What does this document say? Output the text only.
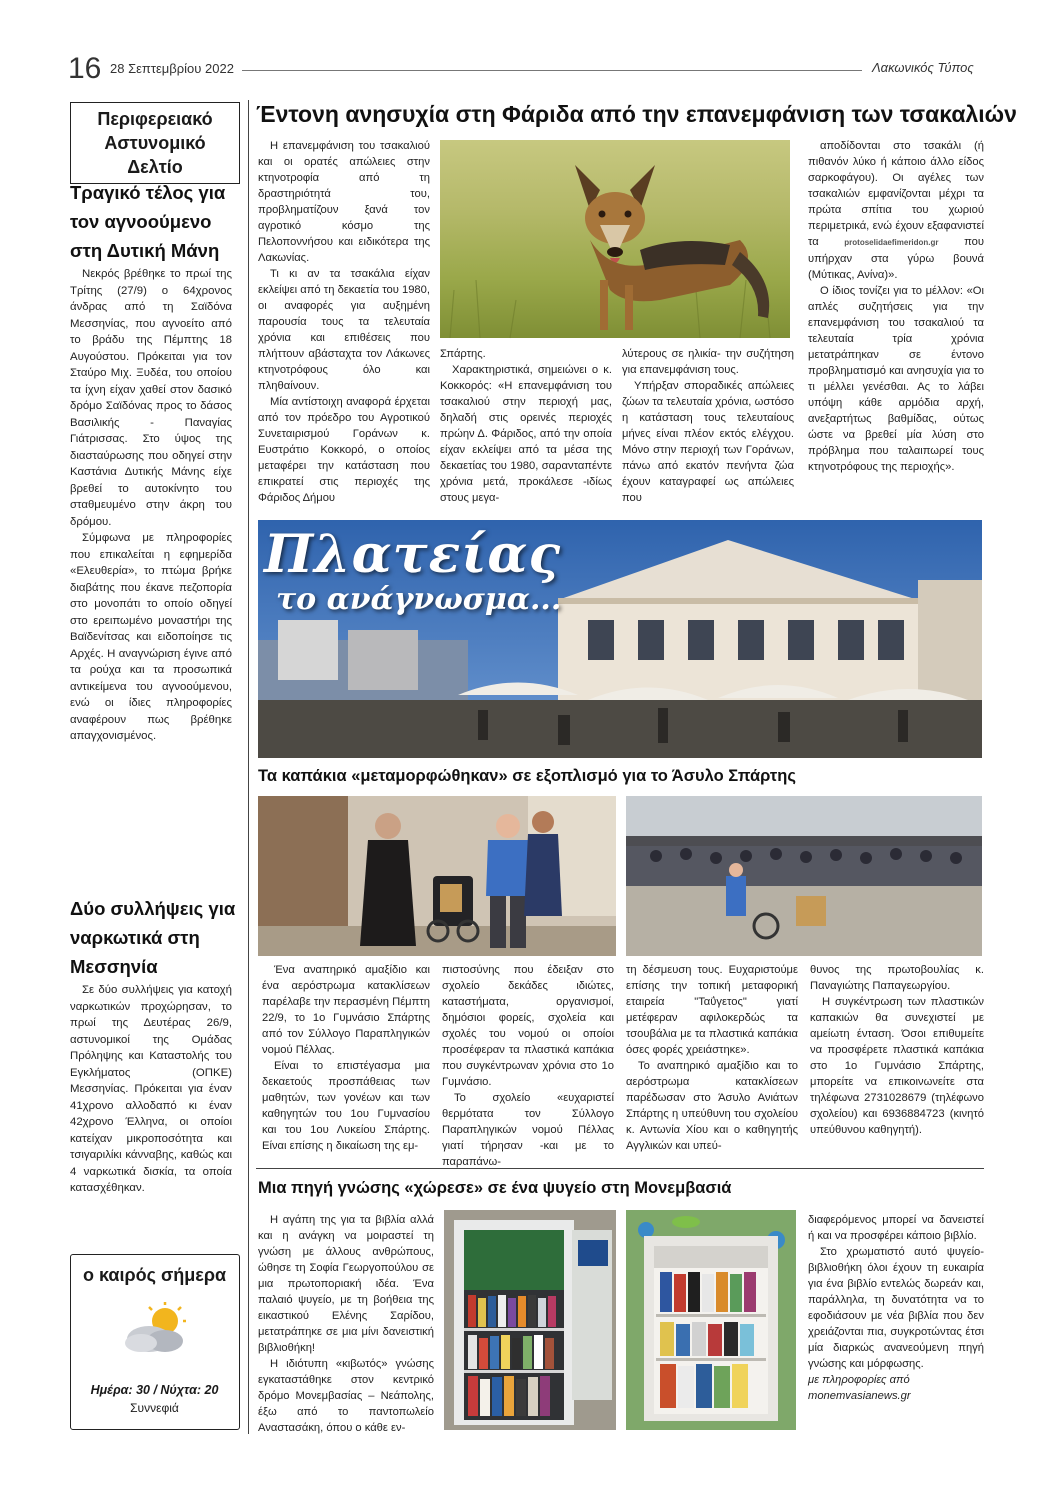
16 28 Σεπτεμβρίου 2022	Λακωνικός Τύπος
Περιφερειακό
Αστυνομικό Δελτίο
Τραγικό τέλος για τον αγνοούμενο στη Δυτική Μάνη

Νεκρός βρέθηκε το πρωί της Τρίτης (27/9) ο 64χρονος άνδρας από τη Σαϊδόνα Μεσσηνίας, που αγνοείτο από το βράδυ της Πέμπτης 18 Αυγούστου. Πρόκειται για τον Σταύρο Μιχ. Ξυδέα, του οποίου τα ίχνη είχαν χαθεί στον δασικό δρόμο Σαϊδόνας προς το δάσος Βασιλικής - Παναγίας Γιάτρισσας. Στο ύψος της διασταύρωσης που οδηγεί στην Καστάνια Δυτικής Μάνης είχε βρεθεί το αυτοκίνητο του σταθμευμένο στην άκρη του δρόμου.

Σύμφωνα με πληροφορίες που επικαλείται η εφημερίδα «Ελευθερία», το πτώμα βρήκε διαβάτης που έκανε πεζοπορία στο μονοπάτι το οποίο οδηγεί στο ερειπωμένο μοναστήρι της Βαϊδενίτσας και ειδοποίησε τις Αρχές. Η αναγνώριση έγινε από τα ρούχα και τα προσωπικά αντικείμενα του αγνοούμενου, ενώ οι ίδιες πληροφορίες αναφέρουν πως βρέθηκε απαγχονισμένος.

Δύο συλλήψεις για ναρκωτικά στη Μεσσηνία

Σε δύο συλλήψεις για κατοχή ναρκωτικών προχώρησαν, το πρωί της Δευτέρας 26/9, αστυνομικοί της Ομάδας Πρόληψης και Καταστολής του Εγκλήματος (ΟΠΚΕ) Μεσσηνίας. Πρόκειται για έναν 41χρονο αλλοδαπό κι έναν 42χρονο Έλληνα, οι οποίοι κατείχαν μικροποσότητα και τσιγαριλίκι κάνναβης, καθώς και 4 ναρκωτικά δισκία, τα οποία κατασχέθηκαν.

ο καιρός σήμερα
Ημέρα: 30 / Νύχτα: 20
Συννεφιά
Έντονη ανησυχία στη Φάριδα από την επανεμφάνιση των τσακαλιών

Η επανεμφάνιση του τσακαλιού και οι ορατές απώλειες στην κτηνοτροφία από τη δραστηριότητά του, προβληματίζουν ξανά τον αγροτικό κόσμο της Πελοποννήσου και ειδικότερα της Λακωνίας.

Τι κι αν τα τσακάλια είχαν εκλείψει από τη δεκαετία του 1980, οι αναφορές για αυξημένη παρουσία τους τα τελευταία χρόνια και επιθέσεις που πλήττουν αβάσταχτα τον Λάκωνες κτηνοτρόφους όλο και πληθαίνουν.

Μία αντίστοιχη αναφορά έρχεται από τον πρόεδρο του Αγροτικού Συνεταιρισμού Γοράνων κ. Ευστράτιο Κοκκορό, ο οποίος μεταφέρει την κατάσταση που επικρατεί στις περιοχές της Φάριδος Δήμου

Σπάρτης.

Χαρακτηριστικά, σημειώνει ο κ. Κοκκορός: «Η επανεμφάνιση του τσακαλιού στην περιοχή μας, δηλαδή στις ορεινές περιοχές πρώην Δ. Φάριδος, από την οποία είχαν εκλείψει από τα μέσα της δεκαετίας του 1980, σαρανταπέντε χρόνια μετά, προκάλεσε -ιδίως στους μεγα-

λύτερους σε ηλικία- την συζήτηση για επανεμφάνιση τους.

Υπήρξαν σποραδικές απώλειες ζώων τα τελευταία χρόνια, ωστόσο η κατάσταση τους τελευταίους μήνες είναι πλέον εκτός ελέγχου. Μόνο στην περιοχή των Γοράνων, πάνω από εκατόν πενήντα ζώα έχουν καταγραφεί ως απώλειες που

αποδίδονται στο τσακάλι (ή πιθανόν λύκο ή κάποιο άλλο είδος σαρκοφάγου). Οι αγέλες των τσακαλιών εμφανίζονται μέχρι τα πρώτα σπίτια του χωριού περιμετρικά, ενώ έχουν εξαφανιστεί τα	protoselidaefimeridon.gr που υπήρχαν στα γύρω βουνά (Μύτικας, Ανίνα)».

Ο ίδιος τονίζει για το μέλλον: «Οι απλές συζητήσεις για την επανεμφάνιση του τσακαλιού τα τελευταία τρία χρόνια μετατράπηκαν σε έντονο προβληματισμό και ανησυχία για το τι μέλλει γενέσθαι. Ας το λάβει υπόψη κάθε αρμόδια αρχή, ανεξαρτήτως βαθμίδας, ούτως ώστε να βρεθεί μία λύση στο πρόβλημα που ταλαιπωρεί τους κτηνοτρόφους της περιοχής».

Πλατείας
το ανάγνωσμα...
Τα καπάκια «μεταμορφώθηκαν» σε εξοπλισμό για το Άσυλο Σπάρτης

Ένα αναπηρικό αμαξίδιο και ένα αερόστρωμα κατακλίσεων παρέλαβε την περασμένη Πέμπτη 22/9, το 1ο Γυμνάσιο Σπάρτης από τον Σύλλογο Παραπληγικών νομού Πέλλας.

Είναι το επιστέγασμα μια δεκαετούς προσπάθειας των μαθητών, των γονέων και των καθηγητών του 1ου Γυμνασίου και του 1ου Λυκείου Σπάρτης. Είναι επίσης η δικαίωση της εμ-

πιστοσύνης που έδειξαν στο σχολείο δεκάδες ιδιώτες, καταστήματα, οργανισμοί, δημόσιοι φορείς, σχολεία και σχολές του νομού οι οποίοι προσέφεραν τα πλαστικά καπάκια που συγκέντρωναν χρόνια στο 1ο Γυμνάσιο.

Το σχολείο «ευχαριστεί θερμότατα τον Σύλλογο Παραπληγικών νομού Πέλλας γιατί τήρησαν -και με το παραπάνω-

τη δέσμευση τους. Ευχαριστούμε επίσης την τοπική μεταφορική εταιρεία "Ταΰγετος" γιατί μετέφεραν αφιλοκερδώς τα τσουβάλια με τα πλαστικά καπάκια όσες φορές χρειάστηκε».

Το αναπηρικό αμαξίδιο και το αερόστρωμα κατακλίσεων παρέδωσαν στο Άσυλο Ανιάτων Σπάρτης η υπεύθυνη του σχολείου κ. Αντωνία Χίου και ο καθηγητής Αγγλικών και υπεύ-

θυνος της πρωτοβουλίας κ. Παναγιώτης Παπαγεωργίου.

Η συγκέντρωση των πλαστικών καπακιών θα συνεχιστεί με αμείωτη ένταση. Όσοι επιθυμείτε να προσφέρετε πλαστικά καπάκια στο 1ο Γυμνάσιο Σπάρτης, μπορείτε να επικοινωνείτε στα τηλέφωνα 2731028679 (τηλέφωνο σχολείου) και 6936884723 (κινητό υπεύθυνου καθηγητή).

Μια πηγή γνώσης «χώρεσε» σε ένα ψυγείο στη Μονεμβασιά

Η αγάπη της για τα βιβλία αλλά και η ανάγκη να μοιραστεί τη γνώση με άλλους ανθρώπους, ώθησε τη Σοφία Γεωργοπούλου σε μια πρωτοποριακή ιδέα. Ένα παλαιό ψυγείο, με τη βοήθεια της εικαστικού Ελένης Σαρίδου, μετατράπηκε σε μια μίνι δανειστική βιβλιοθήκη!

Η ιδιότυπη «κιβωτός» γνώσης εγκαταστάθηκε στον κεντρικό δρόμο Μονεμβασίας – Νεάπολης, έξω από το παντοπωλείο Αναστασάκη, όπου ο κάθε εν-

διαφερόμενος μπορεί να δανειστεί ή και να προσφέρει κάποιο βιβλίο.

Στο χρωματιστό αυτό ψυγείο-βιβλιοθήκη όλοι έχουν τη ευκαιρία για ένα βιβλίο εντελώς δωρεάν και, παράλληλα, τη δυνατότητα να το εφοδιάσουν με νέα βιβλία που δεν χρειάζονται πια, συγκροτώντας έτσι μία διαρκώς ανανεούμενη πηγή γνώσης και μόρφωσης.

με πληροφορίες από monemvasianews.gr
